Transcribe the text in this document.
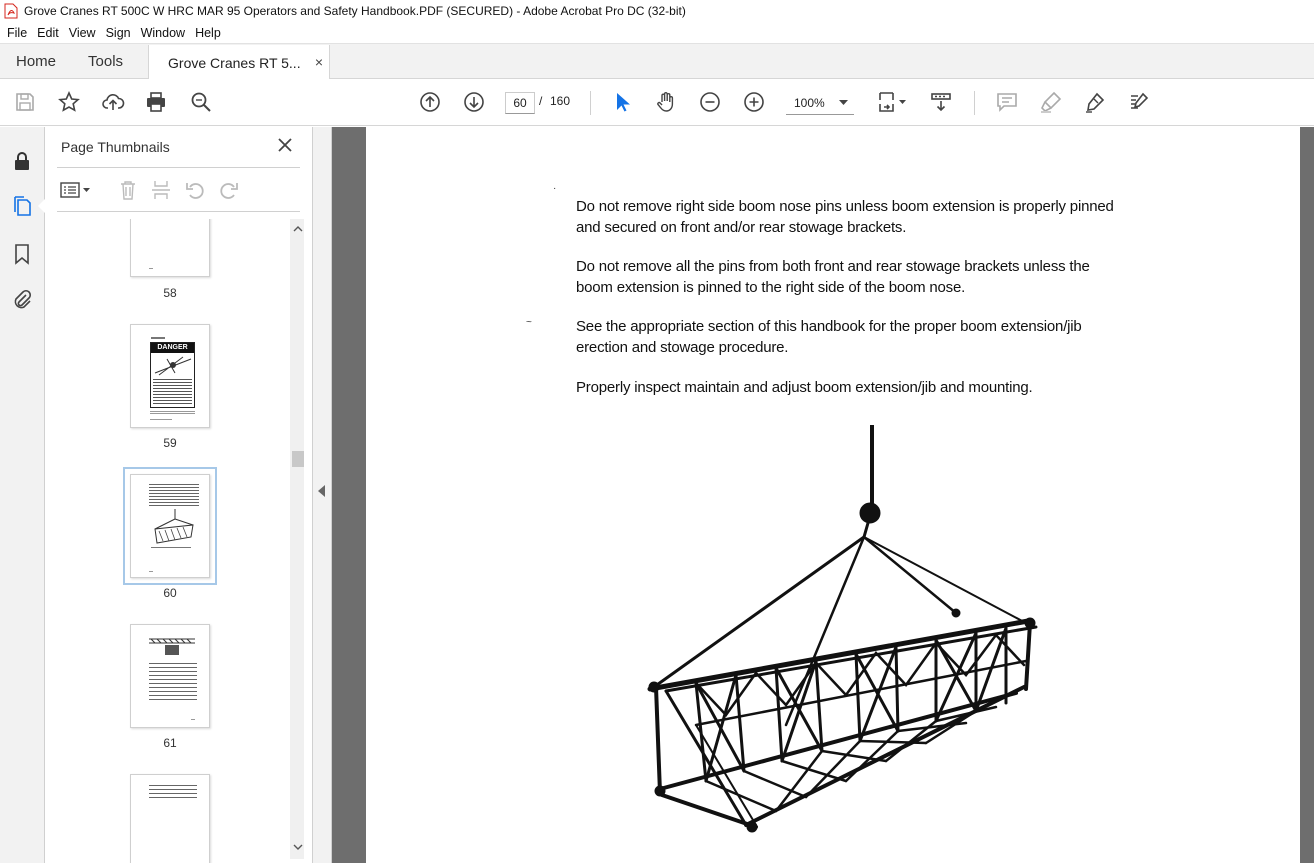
Grove Cranes RT 500C W HRC MAR 95 Operators and Safety Handbook.PDF (SECURED) - Adobe Acrobat Pro DC (32-bit)
File Edit View Sign Window Help
Home	Tools	Grove Cranes RT 5... ×
60	/ 160	100%
Page Thumbnails
58
DANGER
59
60
61
·
~

Do not remove right side boom nose pins unless boom extension is properly pinned and secured on front and/or rear stowage brackets.

Do not remove all the pins from both front and rear stowage brackets unless the boom extension is pinned to the right side of the boom nose.

See the appropriate section of this handbook for the proper boom extension/jib erection and stowage procedure.

Properly inspect maintain and adjust boom extension/jib and mounting.
